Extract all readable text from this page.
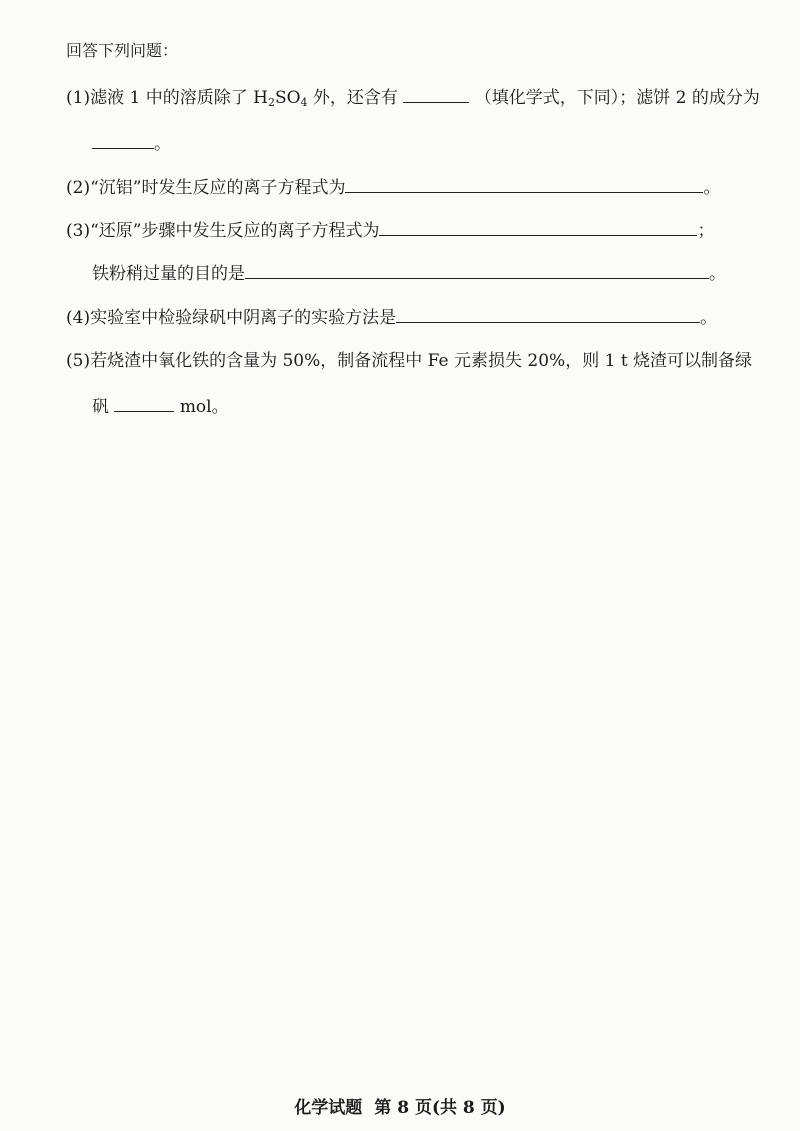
回答下列问题：
(1)滤液 1 中的溶质除了 $H_2SO_4$ 外，还含有	（填化学式，下同）；滤饼 2 的成分为
。
(2)“沉铝”时发生反应的离子方程式为	。
(3)“还原”步骤中发生反应的离子方程式为	；
铁粉稍过量的目的是	。
(4)实验室中检验绿矾中阴离子的实验方法是	。
(5)若烧渣中氧化铁的含量为 50%，制备流程中 Fe 元素损失 20%，则 1 t 烧渣可以制备绿
矾	mol。
化学试题 第 8 页(共 8 页)
